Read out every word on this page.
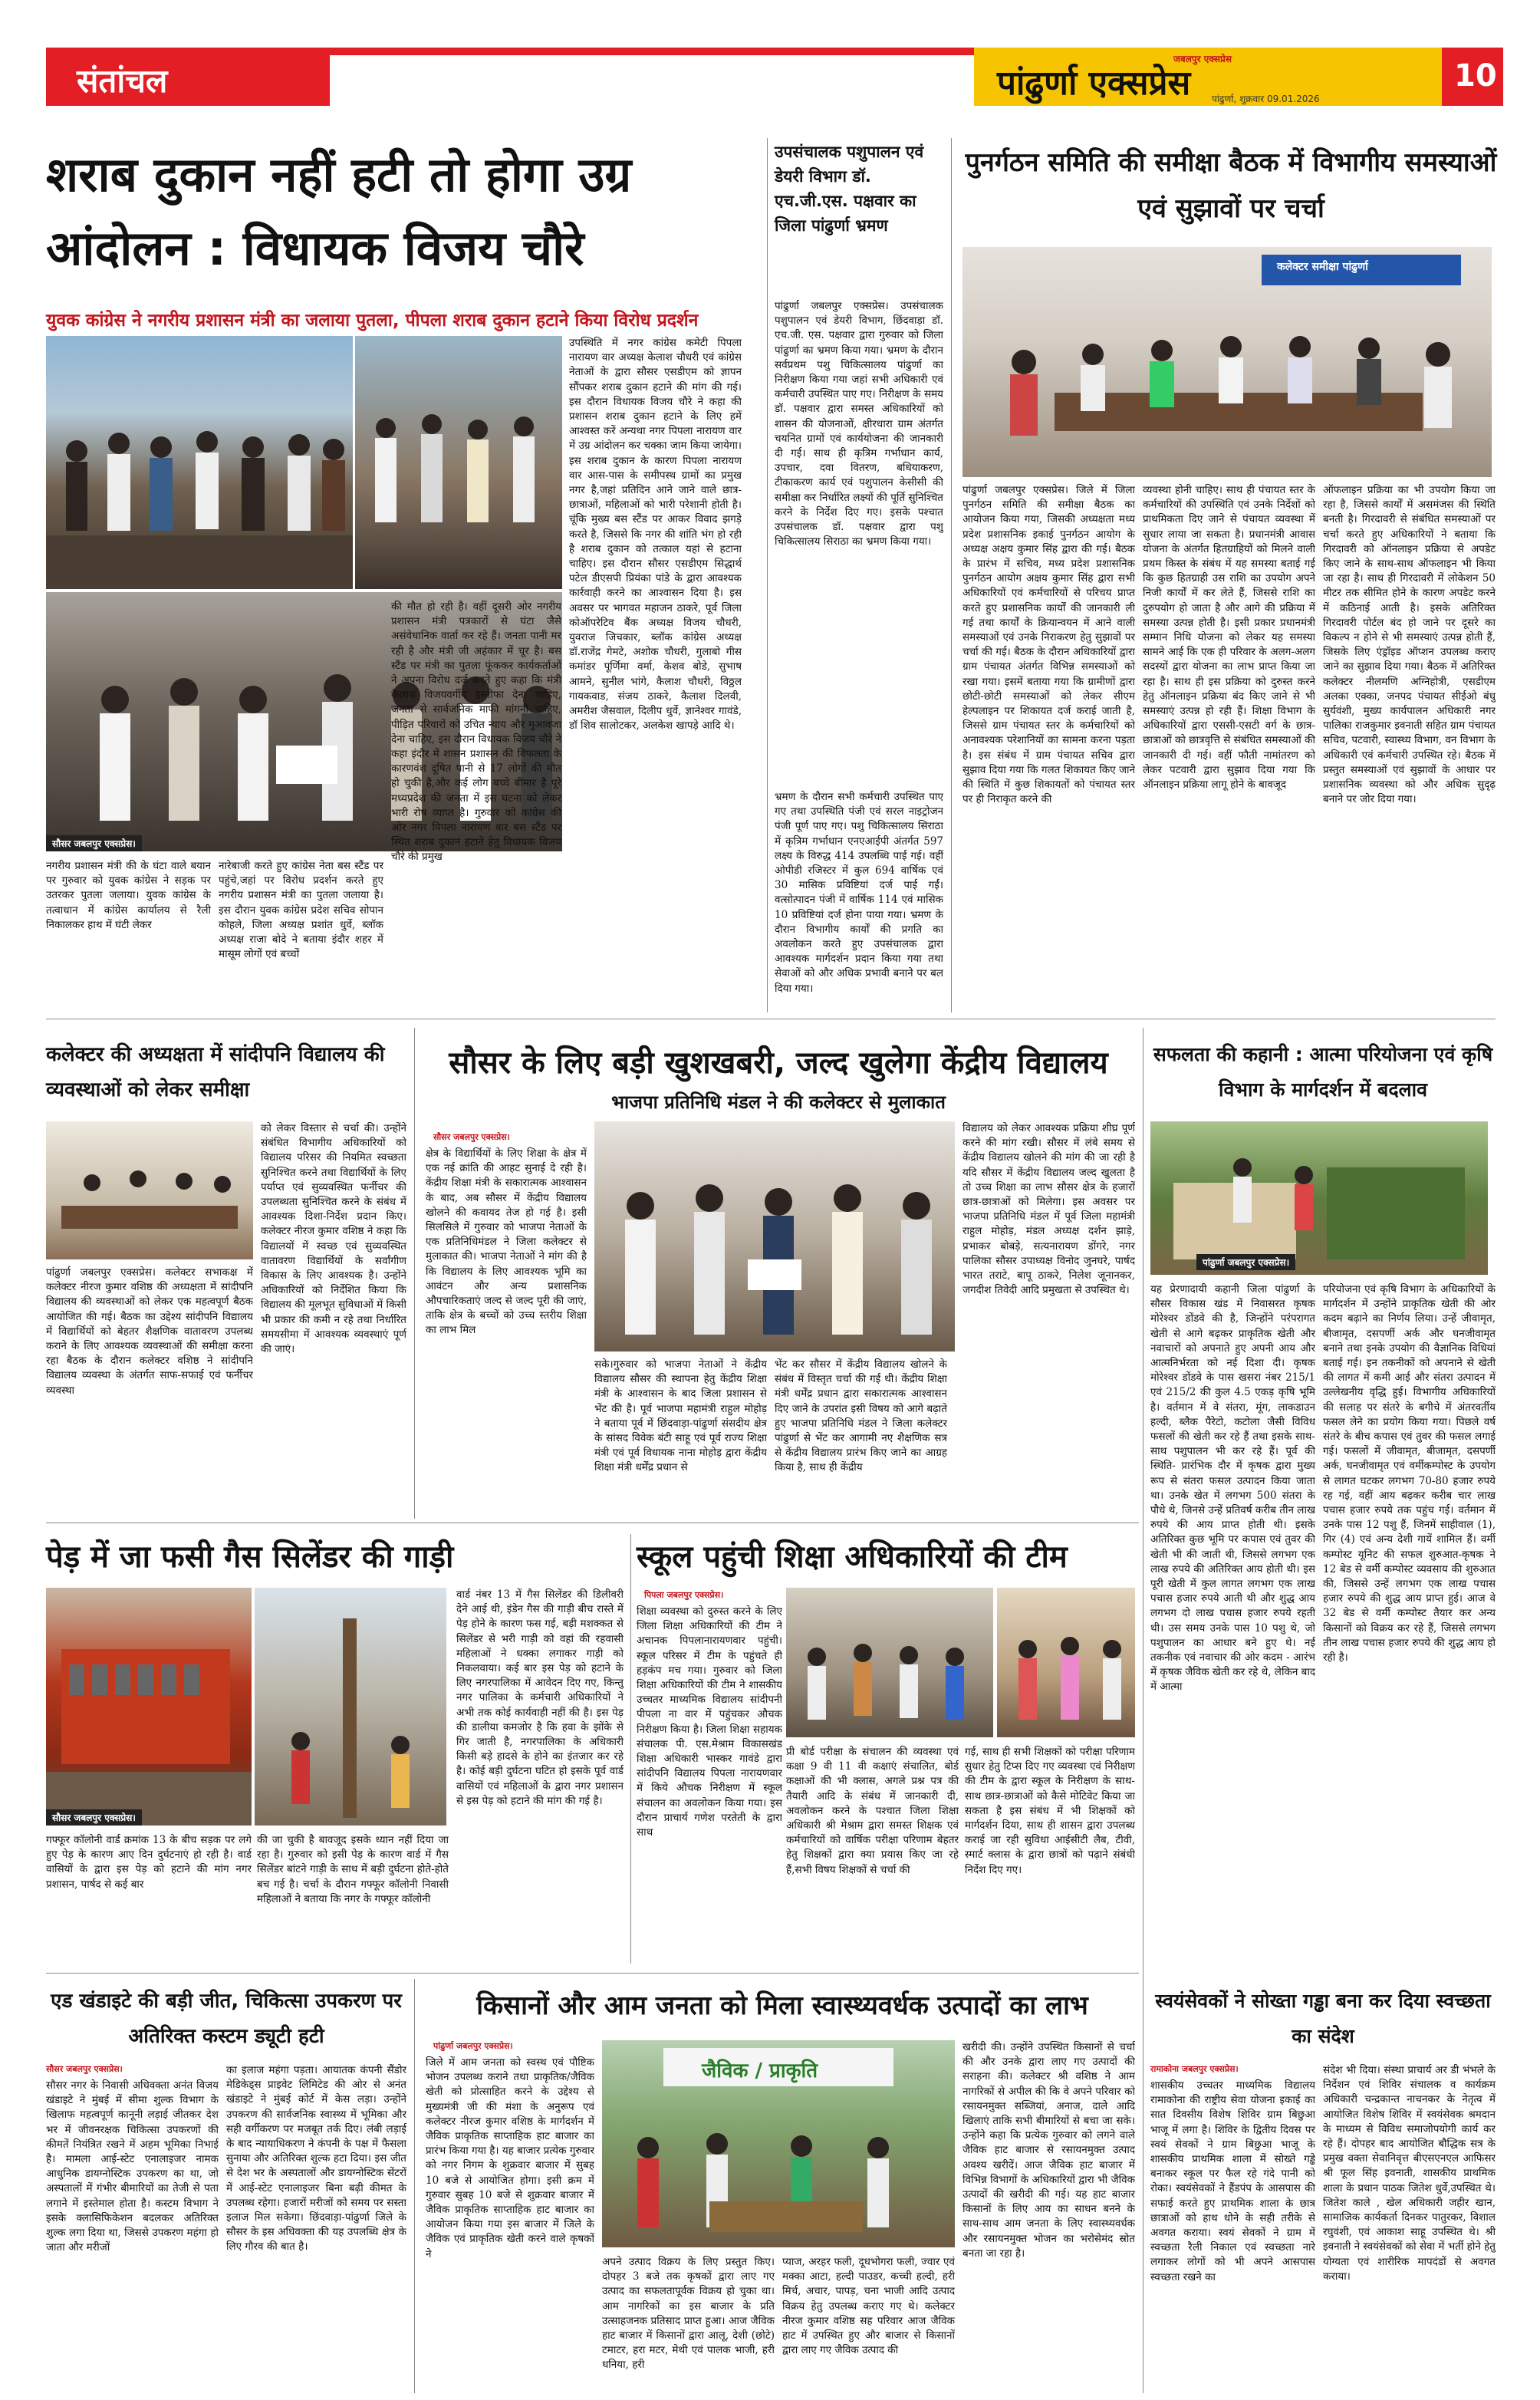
संतांचल
जबलपुर एक्सप्रेस
पांढुर्णा एक्सप्रेस पांढुर्णा, शुक्रवार 09.01.2026
10
शराब दुकान नहीं हटी तो होगा उग्र आंदोलन : विधायक विजय चौरे
युवक कांग्रेस ने नगरीय प्रशासन मंत्री का जलाया पुतला, पीपला शराब दुकान हटाने किया विरोध प्रदर्शन
सौसर जबलपुर एक्सप्रेस।

नगरीय प्रशासन मंत्री की के घंटा वाले बयान पर गुरुवार को युवक कांग्रेस ने सड़क पर उतरकर पुतला जलाया। युवक कांग्रेस के तत्वाधान में कांग्रेस कार्यालय से रैली निकालकर हाथ में घंटी लेकर

नारेबाजी करते हुए कांग्रेस नेता बस स्टैंड पर पहुंचे,जहां पर विरोध प्रदर्शन करते हुए नगरीय प्रशासन मंत्री का पुतला जलाया है। इस दौरान युवक कांग्रेस प्रदेश सचिव सोपान कोहले, जिला अध्यक्ष प्रशांत धुर्वे, ब्लॉक अध्यक्ष राजा बोदे ने बताया इंदौर शहर में मासूम लोगों एवं बच्चों

की मौत हो रही है। वहीं दूसरी ओर नगरीय प्रशासन मंत्री पत्रकारों से घंटा जैसे असंवेधानिक वार्ता कर रहे हैं। जनता पानी मर रही है और मंत्री जी अहंकार में चूर है। बस स्टैंड पर मंत्री का पुतला फूंककर कार्यकर्ताओं ने अपना विरोध दर्ज करते हुए कहा कि मंत्री कैलाश विजयवर्गीय इस्तीफा देना चाहिए, जनता से सार्वजनिक माफी मांगनी चाहिए, पीड़ित परिवारों को उचित न्याय और मुआवजा देना चाहिए, इस दौरान विधायक विजय चौरे ने कहा इंदौर में शासन प्रशासन की विफलता के कारणवंश दूषित पानी से 17 लोगों की मौत हो चुकी है,और कई लोग बच्चे बीमार है पूरे मध्यप्रदेश की जनता में इस घटना को लेकर भारी रोष व्याप्त है। गुरुवार को कांग्रेस की ओर नगर पिपला नारायण वार बस स्टैंड पर स्थित शराब दुकान हटाने हेतु विधायक विजय चौरे की प्रमुख

उपस्थिति में नगर कांग्रेस कमेटी पिपला नारायण वार अध्यक्ष केलाश चौधरी एवं कांग्रेस नेताओं के द्वारा सौसर एसडीएम को ज्ञापन सौंपकर शराब दुकान हटाने की मांग की गई। इस दौरान विधायक विजय चौरे ने कहा की प्रशासन शराब दुकान हटाने के लिए हमें आश्वस्त करें अन्यथा नगर पिपला नारायण वार में उग्र आंदोलन कर चक्का जाम किया जायेगा। इस शराब दुकान के कारण पिपला नारायण वार आस-पास के समीपस्थ ग्रामों का प्रमुख नगर है,जहां प्रतिदिन आने जाने वाले छात्र-छात्राओं, महिलाओं को भारी परेशानी होती है। चूंकि मुख्य बस स्टैंड पर आकर विवाद झगड़े करते है, जिससे कि नगर की शांति भंग हो रही है शराब दुकान को तत्काल यहां से हटाना चाहिए। इस दौरान सौसर एसडीएम सिद्धार्थ पटेल डीएसपी प्रियंका पांडे के द्वारा आवश्यक कार्रवाही करने का आश्वासन दिया है। इस अवसर पर भागवत महाजन ठाकरे, पूर्व जिला कोऑपरेटिव बैंक अध्यक्ष विजय चौधरी, युवराज जिचकार, ब्लॉक कांग्रेस अध्यक्ष डॉ.राजेंद्र गेमटे, अशोक चौधरी, गुलाबो गीस कमांडर पूर्णिमा वर्मा, केशव बोडे, सुभाष आमने, सुनील भांगे, कैलाश चौधरी, विठ्ठल गायकवाड, संजय ठाकरे, कैलाश दिलवी, अमरीश जैसवाल, दिलीप धुर्वे, ज्ञानेश्वर गावंडे, डॉ शिव सालोटकर, अलकेश खापड़े आदि थे।

उपसंचालक पशुपालन एवं डेयरी विभाग डॉ. एच.जी.एस. पक्षवार का जिला पांढुर्णा भ्रमण

पांढुर्णा जबलपुर एक्सप्रेस। उपसंचालक पशुपालन एवं डेयरी विभाग, छिंदवाड़ा डॉ. एच.जी. एस. पक्षवार द्वारा गुरुवार को जिला पांढुर्णा का भ्रमण किया गया। भ्रमण के दौरान सर्वप्रथम पशु चिकित्सालय पांढुर्णा का निरीक्षण किया गया जहां सभी अधिकारी एवं कर्मचारी उपस्थित पाए गए। निरीक्षण के समय डॉ. पक्षवार द्वारा समस्त अधिकारियों को शासन की योजनाओं, क्षीरधारा ग्राम अंतर्गत चयनित ग्रामों एवं कार्ययोजना की जानकारी दी गई। साथ ही कृत्रिम गर्भाधान कार्य, उपचार, दवा वितरण, बधियाकरण, टीकाकरण कार्य एवं पशुपालन केसीसी की समीक्षा कर निर्धारित लक्ष्यों की पूर्ति सुनिश्चित करने के निर्देश दिए गए। इसके पश्चात उपसंचालक डॉ. पक्षवार द्वारा पशु चिकित्सालय सिराठा का भ्रमण किया गया।

भ्रमण के दौरान सभी कर्मचारी उपस्थित पाए गए तथा उपस्थिति पंजी एवं सरल नाइट्रोजन पंजी पूर्ण पाए गए। पशु चिकित्सालय सिराठा में कृत्रिम गर्भाधान एनएआईपी अंतर्गत 597 लक्ष्य के विरुद्ध 414 उपलब्धि पाई गई। वहीं ओपीडी रजिस्टर में कुल 694 वार्षिक एवं 30 मासिक प्रविष्टियां दर्ज पाई गईं। वत्सोत्पादन पंजी में वार्षिक 114 एवं मासिक 10 प्रविष्टियां दर्ज होना पाया गया। भ्रमण के दौरान विभागीय कार्यों की प्रगति का अवलोकन करते हुए उपसंचालक द्वारा आवश्यक मार्गदर्शन प्रदान किया गया तथा सेवाओं को और अधिक प्रभावी बनाने पर बल दिया गया।

पुनर्गठन समिति की समीक्षा बैठक में विभागीय समस्याओं एवं सुझावों पर चर्चा
कलेक्टर समीक्षा पांढुर्णा

पांढुर्णा जबलपुर एक्सप्रेस। जिले में जिला पुनर्गठन समिति की समीक्षा बैठक का आयोजन किया गया, जिसकी अध्यक्षता मध्य प्रदेश प्रशासनिक इकाई पुनर्गठन आयोग के अध्यक्ष अक्षय कुमार सिंह द्वारा की गई। बैठक के प्रारंभ में सचिव, मध्य प्रदेश प्रशासनिक पुनर्गठन आयोग अक्षय कुमार सिंह द्वारा सभी अधिकारियों एवं कर्मचारियों से परिचय प्राप्त करते हुए प्रशासनिक कार्यों की जानकारी ली गई तथा कार्यों के क्रियान्वयन में आने वाली समस्याओं एवं उनके निराकरण हेतु सुझावों पर चर्चा की गई। बैठक के दौरान अधिकारियों द्वारा ग्राम पंचायत अंतर्गत विभिन्न समस्याओं को रखा गया। इसमें बताया गया कि ग्रामीणों द्वारा छोटी-छोटी समस्याओं को लेकर सीएम हेल्पलाइन पर शिकायत दर्ज कराई जाती है, जिससे ग्राम पंचायत स्तर के कर्मचारियों को अनावश्यक परेशानियों का सामना करना पड़ता है। इस संबंध में ग्राम पंचायत सचिव द्वारा सुझाव दिया गया कि गलत शिकायत किए जाने की स्थिति में कुछ शिकायतों को पंचायत स्तर पर ही निराकृत करने की

व्यवस्था होनी चाहिए। साथ ही पंचायत स्तर के कर्मचारियों की उपस्थिति एवं उनके निर्देशों को प्राथमिकता दिए जाने से पंचायत व्यवस्था में सुधार लाया जा सकता है। प्रधानमंत्री आवास योजना के अंतर्गत हितग्राहियों को मिलने वाली प्रथम किस्त के संबंध में यह समस्या बताई गई कि कुछ हितग्राही उस राशि का उपयोग अपने निजी कार्यों में कर लेते हैं, जिससे राशि का दुरुपयोग हो जाता है और आगे की प्रक्रिया में समस्या उत्पन्न होती है। इसी प्रकार प्रधानमंत्री सम्मान निधि योजना को लेकर यह समस्या सामने आई कि एक ही परिवार के अलग-अलग सदस्यों द्वारा योजना का लाभ प्राप्त किया जा रहा है। साथ ही इस प्रक्रिया को दुरुस्त करने हेतु ऑनलाइन प्रक्रिया बंद किए जाने से भी समस्याएं उत्पन्न हो रही हैं। शिक्षा विभाग के अधिकारियों द्वारा एससी-एसटी वर्ग के छात्र-छात्राओं को छात्रवृत्ति से संबंधित समस्याओं की जानकारी दी गई। वहीं फौती नामांतरण को लेकर पटवारी द्वारा सुझाव दिया गया कि ऑनलाइन प्रक्रिया लागू होने के बावजूद

ऑफलाइन प्रक्रिया का भी उपयोग किया जा रहा है, जिससे कार्यों में असमंजस की स्थिति बनती है। गिरदावरी से संबंधित समस्याओं पर चर्चा करते हुए अधिकारियों ने बताया कि गिरदावरी को ऑनलाइन प्रक्रिया से अपडेट किए जाने के साथ-साथ ऑफलाइन भी किया जा रहा है। साथ ही गिरदावरी में लोकेशन 50 मीटर तक सीमित होने के कारण अपडेट करने में कठिनाई आती है। इसके अतिरिक्त गिरदावरी पोर्टल बंद हो जाने पर दूसरे का विकल्प न होने से भी समस्याएं उत्पन्न होती हैं, जिसके लिए एंड्रॉइड ऑप्शन उपलब्ध कराए जाने का सुझाव दिया गया। बैठक में अतिरिक्त कलेक्टर नीलमणि अग्निहोत्री, एसडीएम अलका एक्का, जनपद पंचायत सीईओ बंधु सुर्यवंशी, मुख्य कार्यपालन अधिकारी नगर पालिका राजकुमार इवनाती सहित ग्राम पंचायत सचिव, पटवारी, स्वास्थ्य विभाग, वन विभाग के अधिकारी एवं कर्मचारी उपस्थित रहे। बैठक में प्रस्तुत समस्याओं एवं सुझावों के आधार पर प्रशासनिक व्यवस्था को और अधिक सुदृढ़ बनाने पर जोर दिया गया।

कलेक्टर की अध्यक्षता में सांदीपनि विद्यालय की व्यवस्थाओं को लेकर समीक्षा

पांढुर्णा जबलपुर एक्सप्रेस। कलेक्टर सभाकक्ष में कलेक्टर नीरज कुमार वशिष्ठ की अध्यक्षता में सांदीपनि विद्यालय की व्यवस्थाओं को लेकर एक महत्वपूर्ण बैठक आयोजित की गई। बैठक का उद्देश्य सांदीपनि विद्यालय में विद्यार्थियों को बेहतर शैक्षणिक वातावरण उपलब्ध कराने के लिए आवश्यक व्यवस्थाओं की समीक्षा करना रहा बैठक के दौरान कलेक्टर वशिष्ठ ने सांदीपनि विद्यालय व्यवस्था के अंतर्गत साफ-सफाई एवं फर्नीचर व्यवस्था

को लेकर विस्तार से चर्चा की। उन्होंने संबंधित विभागीय अधिकारियों को विद्यालय परिसर की नियमित स्वच्छता सुनिश्चित करने तथा विद्यार्थियों के लिए पर्याप्त एवं सुव्यवस्थित फर्नीचर की उपलब्धता सुनिश्चित करने के संबंध में आवश्यक दिशा-निर्देश प्रदान किए। कलेक्टर नीरज कुमार वशिष्ठ ने कहा कि विद्यालयों में स्वच्छ एवं सुव्यवस्थित वातावरण विद्यार्थियों के सर्वांगीण विकास के लिए आवश्यक है। उन्होंने अधिकारियों को निर्देशित किया कि विद्यालय की मूलभूत सुविधाओं में किसी भी प्रकार की कमी न रहे तथा निर्धारित समयसीमा में आवश्यक व्यवस्थाएं पूर्ण की जाएं।

सौसर के लिए बड़ी खुशखबरी, जल्द खुलेगा केंद्रीय विद्यालय
भाजपा प्रतिनिधि मंडल ने की कलेक्टर से मुलाकात
सौसर जबलपुर एक्सप्रेस।

क्षेत्र के विद्यार्थियों के लिए शिक्षा के क्षेत्र में एक नई क्रांति की आहट सुनाई दे रही है। केंद्रीय शिक्षा मंत्री के सकारात्मक आश्वासन के बाद, अब सौसर में केंद्रीय विद्यालय खोलने की कवायद तेज हो गई है। इसी सिलसिले में गुरुवार को भाजपा नेताओं के एक प्रतिनिधिमंडल ने जिला कलेक्टर से मुलाकात की। भाजपा नेताओं ने मांग की है कि विद्यालय के लिए आवश्यक भूमि का आवंटन और अन्य प्रशासनिक औपचारिकताएं जल्द से जल्द पूरी की जाएं, ताकि क्षेत्र के बच्चों को उच्च स्तरीय शिक्षा का लाभ मिल

सके।गुरुवार को भाजपा नेताओं ने केंद्रीय विद्यालय सौसर की स्थापना हेतु केंद्रीय शिक्षा मंत्री के आश्वासन के बाद जिला प्रशासन से भेंट की है। पूर्व भाजपा महामंत्री राहुल मोहोड़ ने बताया पूर्व में छिंदवाड़ा-पांढुर्णा संसदीय क्षेत्र के सांसद विवेक बंटी साहू एवं पूर्व राज्य शिक्षा मंत्री एवं पूर्व विधायक नाना मोहोड़ द्वारा केंद्रीय शिक्षा मंत्री धर्मेंद्र प्रधान से

भेंट कर सौसर में केंद्रीय विद्यालय खोलने के संबंध में विस्तृत चर्चा की गई थी। केंद्रीय शिक्षा मंत्री धर्मेंद्र प्रधान द्वारा सकारात्मक आश्वासन दिए जाने के उपरांत इसी विषय को आगे बढ़ाते हुए भाजपा प्रतिनिधि मंडल ने जिला कलेक्टर पांढुर्णा से भेंट कर आगामी नए शैक्षणिक सत्र से केंद्रीय विद्यालय प्रारंभ किए जाने का आग्रह किया है, साथ ही केंद्रीय

विद्यालय को लेकर आवश्यक प्रक्रिया शीघ्र पूर्ण करने की मांग रखी। सौसर में लंबे समय से केंद्रीय विद्यालय खोलने की मांग की जा रही है यदि सौसर में केंद्रीय विद्यालय जल्द खुलता है तो उच्च शिक्षा का लाभ सौसर क्षेत्र के हजारों छात्र-छात्राओं को मिलेगा। इस अवसर पर भाजपा प्रतिनिधि मंडल में पूर्व जिला महामंत्री राहुल मोहोड़, मंडल अध्यक्ष दर्शन झाड़े, प्रभाकर बोबड़े, सत्यनारायण डोंगरे, नगर पालिका सौसर उपाध्यक्ष विनोद जुनघरे, पार्षद भारत तराटे, बापू ठाकरे, निलेश जूनानकर, जगदीश तिवेदी आदि प्रमुखता से उपस्थित थे।

सफलता की कहानी : आत्मा परियोजना एवं कृषि विभाग के मार्गदर्शन में बदलाव
पांढुर्णा जबलपुर एक्सप्रेस।

यह प्रेरणादायी कहानी जिला पांढुर्णा के सौसर विकास खंड में निवासरत कृषक मोरेश्वर डोंडवे की है, जिन्होंने परंपरागत खेती से आगे बढ़कर प्राकृतिक खेती और नवाचारों को अपनाते हुए अपनी आय और आत्मनिर्भरता को नई दिशा दी। कृषक मोरेश्वर डोंडवे के पास खसरा नंबर 215/1 एवं 215/2 की कुल 4.5 एकड़ कृषि भूमि है। वर्तमान में वे संतरा, मूंग, लाकडाउन हल्दी, ब्लैक पैरेटो, कटोला जैसी विविध फसलों की खेती कर रहे हैं तथा इसके साथ-साथ पशुपालन भी कर रहे हैं। पूर्व की स्थिति- प्रारंभिक दौर में कृषक द्वारा मुख्य रूप से संतरा फसल उत्पादन किया जाता था। उनके खेत में लगभग 500 संतरा के पौधे थे, जिनसे उन्हें प्रतिवर्ष करीब तीन लाख रुपये की आय प्राप्त होती थी। इसके अतिरिक्त कुछ भूमि पर कपास एवं तुवर की खेती भी की जाती थी, जिससे लगभग एक लाख रुपये की अतिरिक्त आय होती थी। इस पूरी खेती में कुल लागत लगभग एक लाख पचास हजार रुपये आती थी और शुद्ध आय लगभग दो लाख पचास हजार रुपये रहती थी। उस समय उनके पास 10 पशु थे, जो पशुपालन का आधार बने हुए थे। नई तकनीक एवं नवाचार की ओर कदम - आरंभ में कृषक जैविक खेती कर रहे थे, लेकिन बाद में आत्मा

परियोजना एवं कृषि विभाग के अधिकारियों के मार्गदर्शन में उन्होंने प्राकृतिक खेती की ओर कदम बढ़ाने का निर्णय लिया। उन्हें जीवामृत, बीजामृत, दसपर्णी अर्क और घनजीवामृत बनाने तथा इनके उपयोग की वैज्ञानिक विधियां बताई गई। इन तकनीकों को अपनाने से खेती की लागत में कमी आई और संतरा उत्पादन में उल्लेखनीय वृद्धि हुई। विभागीय अधिकारियों की सलाह पर संतरे के बगीचे में अंतरवर्तीय फसल लेने का प्रयोग किया गया। पिछले वर्ष संतरे के बीच कपास एवं तुवर की फसल लगाई गई। फसलों में जीवामृत, बीजामृत, दसपर्णी अर्क, घनजीवामृत एवं वर्मीकम्पोस्ट के उपयोग से लागत घटकर लगभग 70-80 हजार रुपये रह गई, वहीं आय बढ़कर करीब चार लाख पचास हजार रुपये तक पहुंच गई। वर्तमान में उनके पास 12 पशु हैं, जिनमें साहीवाल (1), गिर (4) एवं अन्य देशी गायें शामिल हैं। वर्मी कम्पोस्ट यूनिट की सफल शुरुआत-कृषक ने 12 बेड से वर्मी कम्पोस्ट व्यवसाय की शुरुआत की, जिससे उन्हें लगभग एक लाख पचास हजार रुपये की शुद्ध आय प्राप्त हुई। आज वे 32 बेड से वर्मी कम्पोस्ट तैयार कर अन्य किसानों को विक्रय कर रहे हैं, जिससे लगभग तीन लाख पचास हजार रुपये की शुद्ध आय हो रही है।

पेड़ में जा फसी गैस सिलेंडर की गाड़ी
सौसर जबलपुर एक्सप्रेस।

गफ्फूर कॉलोनी वार्ड क्रमांक 13 के बीच सड़क पर लगे हुए पेड़ के कारण आए दिन दुर्घटनाएं हो रही है। वार्ड वासियों के द्वारा इस पेड़ को हटाने की मांग नगर प्रशासन, पार्षद से कई बार

की जा चुकी है बावजूद इसके ध्यान नहीं दिया जा रहा है। गुरुवार को इसी पेड़ के कारण वार्ड में गैस सिलेंडर बांटने गाड़ी के साथ में बड़ी दुर्घटना होते-होते बच गई है। चर्चा के दौरान गफ्फूर कॉलोनी निवासी महिलाओं ने बताया कि नगर के गफ्फूर कॉलोनी

वार्ड नंबर 13 में गैस सिलेंडर की डिलीवरी देने आई थी, इंडेन गैस की गाड़ी बीच रास्ते में पेड़ होने के कारण फस गई, बड़ी मशक्कत से सिलेंडर से भरी गाड़ी को वहां की रहवासी महिलाओं ने धक्का लगाकर गाड़ी को निकलवाया। कई बार इस पेड़ को हटाने के लिए नगरपालिका में आवेदन दिए गए, किन्तु नगर पालिका के कर्मचारी अधिकारियों ने अभी तक कोई कार्यवाही नहीं की है। इस पेड़ की डालीया कमजोर है कि हवा के झोंके से गिर जाती है, नगरपालिका के अधिकारी किसी बड़े हादसे के होने का इंतजार कर रहे है। कोई बड़ी दुर्घटना घटित हो इसके पूर्व वार्ड वासियों एवं महिलाओं के द्वारा नगर प्रशासन से इस पेड़ को हटाने की मांग की गई है।

स्कूल पहुंची शिक्षा अधिकारियों की टीम
पिपला जबलपुर एक्सप्रेस।

शिक्षा व्यवस्था को दुरुस्त करने के लिए जिला शिक्षा अधिकारियों की टीम ने अचानक पिपलानारायणवार पहुंची। स्कूल परिसर में टीम के पहुंचते ही हड़कंप मच गया। गुरुवार को जिला शिक्षा अधिकारियों की टीम ने शासकीय उच्चतर माध्यमिक विद्यालय सांदीपनी पीपला ना वार में पहुंचकर औचक निरीक्षण किया है। जिला शिक्षा सहायक संचालक पी. एस.मेश्राम विकासखंड शिक्षा अधिकारी भास्कर गावंडे द्वारा सांदीपनि विद्यालय पिपला नारायणवार में किये औचक निरीक्षण में स्कूल संचालन का अवलोकन किया गया। इस दौरान प्राचार्य गणेश परतेती के द्वारा साथ

प्री बोर्ड परीक्षा के संचालन की व्यवस्था एवं कक्षा 9 वी 11 वी कक्षाएं संचालित, बोर्ड कक्षाओं की भी क्लास, अगले प्रश्न पत्र की तैयारी आदि के संबंध में जानकारी दी, अवलोकन करने के पश्चात जिला शिक्षा अधिकारी श्री मेश्राम द्वारा समस्त शिक्षक एवं कर्मचारियों को वार्षिक परीक्षा परिणाम बेहतर हेतु शिक्षकों द्वारा क्या प्रयास किए जा रहे हैं,सभी विषय शिक्षकों से चर्चा की

गई, साथ ही सभी शिक्षकों को परीक्षा परिणाम सुधार हेतु टिप्स दिए गए व्यवस्था एवं निरीक्षण की टीम के द्वारा स्कूल के निरीक्षण के साथ-साथ छात्र-छात्राओं को कैसे मोटिवेट किया जा सकता है इस संबंध में भी शिक्षकों को मार्गदर्शन दिया, साथ ही शासन द्वारा उपलब्ध कराई जा रही सुविधा आईसीटी लैब, टीवी, स्मार्ट क्लास के द्वारा छात्रों को पढ़ाने संबंधी निर्देश दिए गए।

एड खंडाइटे की बड़ी जीत, चिकित्सा उपकरण पर अतिरिक्त कस्टम ड्यूटी हटी
सौसर जबलपुर एक्सप्रेस।

सौसर नगर के निवासी अधिवक्ता अनंत विजय खंडाइटे ने मुंबई में सीमा शुल्क विभाग के खिलाफ महत्वपूर्ण कानूनी लड़ाई जीतकर देश भर में जीवनरक्षक चिकित्सा उपकरणों की कीमतें नियंत्रित रखने में अहम भूमिका निभाई है। मामला आई-स्टेट एनालाइजर नामक आधुनिक डायग्नोस्टिक उपकरण का था, जो अस्पतालों में गंभीर बीमारियों का तेजी से पता लगाने में इस्तेमाल होता है। कस्टम विभाग ने इसके क्लासिफिकेशन बदलकर अतिरिक्त शुल्क लगा दिया था, जिससे उपकरण महंगा हो जाता और मरीजों

का इलाज महंगा पड़ता। आयातक कंपनी सैंडोर मेडिकेड्स प्राइवेट लिमिटेड की ओर से अनंत खंडाइटे ने मुंबई कोर्ट में केस लड़ा। उन्होंने उपकरण की सार्वजनिक स्वास्थ्य में भूमिका और सही वर्गीकरण पर मजबूत तर्क दिए। लंबी लड़ाई के बाद न्यायाधिकरण ने कंपनी के पक्ष में फैसला सुनाया और अतिरिक्त शुल्क हटा दिया। इस जीत से देश भर के अस्पतालों और डायग्नोस्टिक सेंटरों में आई-स्टेट एनालाइजर बिना बढ़ी कीमत के उपलब्ध रहेगा। हजारों मरीजों को समय पर सस्ता इलाज मिल सकेगा। छिंदवाड़ा-पांढुर्णा जिले के सौसर के इस अधिवक्ता की यह उपलब्धि क्षेत्र के लिए गौरव की बात है।

किसानों और आम जनता को मिला स्वास्थ्यवर्धक उत्पादों का लाभ
पांढुर्णा जबलपुर एक्सप्रेस।

जिले में आम जनता को स्वस्थ एवं पौष्टिक भोजन उपलब्ध कराने तथा प्राकृतिक/जैविक खेती को प्रोत्साहित करने के उद्देश्य से मुख्यमंत्री जी की मंशा के अनुरूप एवं कलेक्टर नीरज कुमार वशिष्ठ के मार्गदर्शन में जैविक प्राकृतिक साप्ताहिक हाट बाजार का प्रारंभ किया गया है। यह बाजार प्रत्येक गुरुवार को नगर निगम के शुक्रवार बाजार में सुबह 10 बजे से आयोजित होगा। इसी क्रम में गुरुवार सुबह 10 बजे से शुक्रवार बाजार में जैविक प्राकृतिक साप्ताहिक हाट बाजार का आयोजन किया गया इस बाजार में जिले के जैविक एवं प्राकृतिक खेती करने वाले कृषकों ने

जैविक / प्राकृति

अपने उत्पाद विक्रय के लिए प्रस्तुत किए। दोपहर 3 बजे तक कृषकों द्वारा लाए गए उत्पाद का सफलतापूर्वक विक्रय हो चुका था। आम नागरिकों का इस बाजार के प्रति उत्साहजनक प्रतिसाद प्राप्त हुआ। आज जैविक हाट बाजार में किसानों द्वारा आलू, देशी (छोटे) टमाटर, हरा मटर, मेथी एवं पालक भाजी, हरी धनिया, हरी

प्याज, अरहर फली, दूधभोगरा फली, ज्वार एवं मक्का आटा, हल्दी पाउडर, कच्ची हल्दी, हरी मिर्च, अचार, पापड़, चना भाजी आदि उत्पाद विक्रय हेतु उपलब्ध कराए गए थे। कलेक्टर नीरज कुमार वशिष्ठ सह परिवार आज जैविक हाट में उपस्थित हुए और बाजार से किसानों द्वारा लाए गए जैविक उत्पाद की

खरीदी की। उन्होंने उपस्थित किसानों से चर्चा की और उनके द्वारा लाए गए उत्पादों की सराहना की। कलेक्टर श्री वशिष्ठ ने आम नागरिकों से अपील की कि वे अपने परिवार को रसायनमुक्त सब्जियां, अनाज, दाले आदि खिलाएं ताकि सभी बीमारियों से बचा जा सके। उन्होंने कहा कि प्रत्येक गुरुवार को लगने वाले जैविक हाट बाजार से रसायनमुक्त उत्पाद अवश्य खरीदें। आज जैविक हाट बाजार में विभिन्न विभागों के अधिकारियों द्वारा भी जैविक उत्पादों की खरीदी की गई। यह हाट बाजार किसानों के लिए आय का साधन बनने के साथ-साथ आम जनता के लिए स्वास्थ्यवर्धक और रसायनमुक्त भोजन का भरोसेमंद स्रोत बनता जा रहा है।

स्वयंसेवकों ने सोख्ता गड्ढा बना कर दिया स्वच्छता का संदेश
रामाकोना जबलपुर एक्सप्रेस।

शासकीय उच्चतर माध्यमिक विद्यालय रामाकोना की राष्ट्रीय सेवा योजना इकाई का सात दिवसीय विशेष शिविर ग्राम बिछुआ भाजू में लगा है। शिविर के द्वितीय दिवस पर स्वयं सेवकों ने ग्राम बिछुआ भाजू के शासकीय प्राथमिक शाला में सोख्ते गड्ढे बनाकर स्कूल पर फैल रहे गंदे पानी को रोका। स्वयंसेवकों ने हैंडपंप के आसपास की सफाई करते हुए प्राथमिक शाला के छात्र छात्राओं को हाथ धोने के सही तरीके से अवगत कराया। स्वयं सेवकों ने ग्राम में स्वच्छता रैली निकाल एवं स्वच्छता नारे लगाकर लोगों को भी अपने आसपास स्वच्छता रखने का

संदेश भी दिया। संस्था प्राचार्य अर डी भंभले के निर्देशन एवं शिविर संचालक व कार्यक्रम अधिकारी चन्द्रकान्त नाचनकर के नेतृत्व में आयोजित विशेष शिविर में स्वयंसेवक श्रमदान के माध्यम से विविध समाजोपयोगी कार्य कर रहे हैं। दोपहर बाद आयोजित बौद्धिक सत्र के प्रमुख वक्ता सेवानिवृत्त बीएसएनएल आफिसर श्री फूल सिंह इवनाती, शासकीय प्राथमिक शाला के प्रधान पाठक जितेश धुर्वे,उपस्थित थे। जितेश काले , खेल अधिकारी जहीर खान, सामाजिक कार्यकर्ता दिनकर पातुरकर, विशाल रघुवंशी, एवं आकाश साहू उपस्थित थे। श्री इवनाती ने स्वयंसेवकों को सेवा में भर्ती होने हेतु योग्यता एवं शारीरिक मापदंडों से अवगत कराया।
